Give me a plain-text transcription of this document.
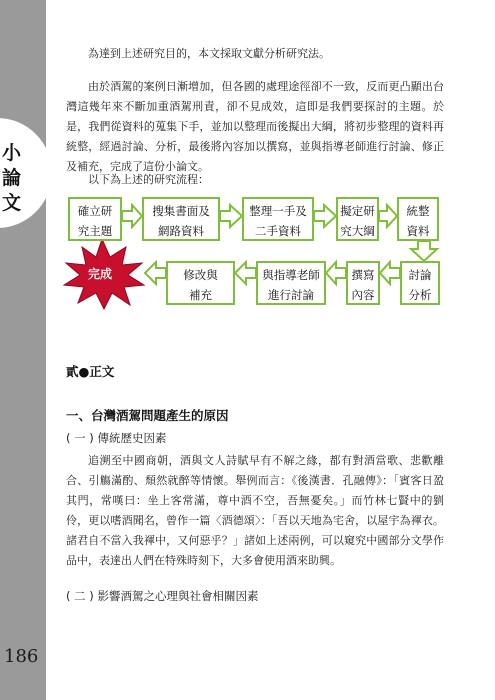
小
論
文
186

為達到上述研究目的，本文採取文獻分析研究法。

由於酒駕的案例日漸增加，但各國的處理途徑卻不一致，反而更凸顯出台灣這幾年來不斷加重酒駕刑責，卻不見成效，這即是我們要探討的主題。於是，我們從資料的蒐集下手，並加以整理而後擬出大綱，將初步整理的資料再統整，經過討論、分析，最後將內容加以撰寫，並與指導老師進行討論、修正及補充，完成了這份小論文。

以下為上述的研究流程：

確立研
究主題
搜集書面及
網路資料
整理一手及
二手資料
擬定研
究大綱
統整
資料
討論
分析
撰寫
內容
與指導老師
進行討論
修改與
補充
完成
貳●正文
一、台灣酒駕問題產生的原因
( 一 ) 傳統歷史因素

追溯至中國商朝，酒與文人詩賦早有不解之緣，都有對酒當歌、悲歡離合、引觴滿酌、頹然就醉等情懷。舉例而言：《後漢書．孔融傳》：「賓客日盈其門，常嘆曰：坐上客常滿，尊中酒不空，吾無憂矣。」而竹林七賢中的劉伶，更以嗜酒聞名，曾作一篇〈酒德頌〉：「吾以天地為宅舍，以屋宇為褌衣。諸君自不當入我褌中，又何惡乎？」諸如上述兩例，可以窺究中國部分文學作品中，表達出人們在特殊時刻下，大多會使用酒來助興。

( 二 ) 影響酒駕之心理與社會相關因素
